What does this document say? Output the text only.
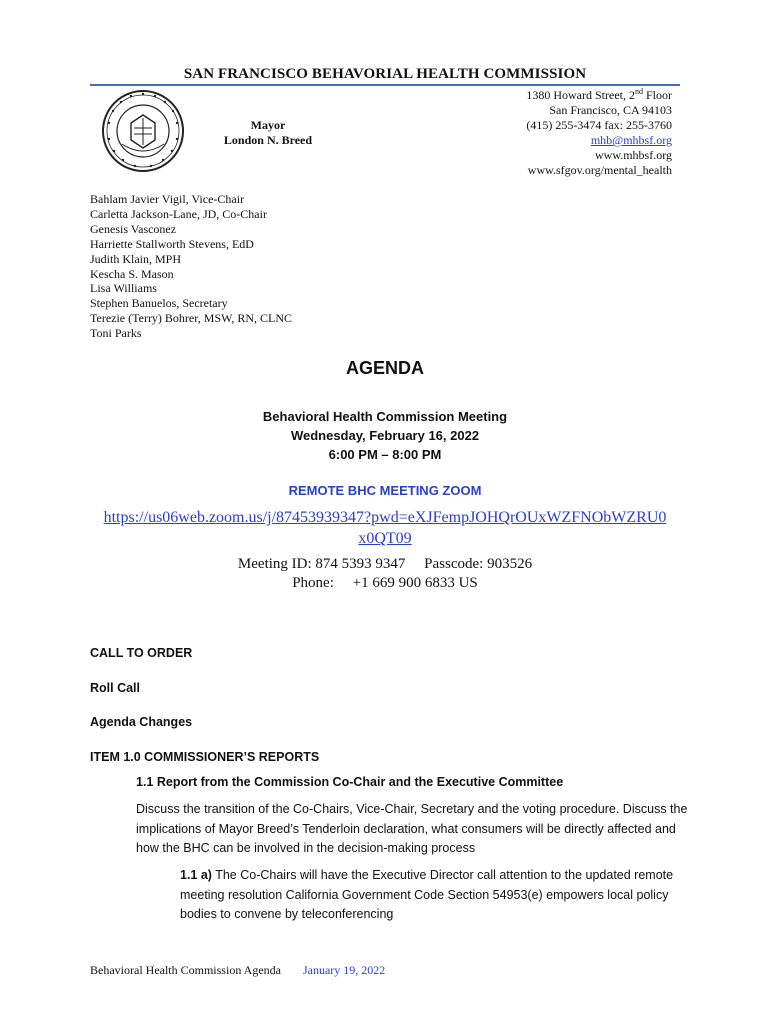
SAN FRANCISCO BEHAVORIAL HEALTH COMMISSION
Mayor
London N. Breed
1380 Howard Street, 2nd Floor
San Francisco, CA 94103
(415) 255-3474 fax: 255-3760
mhb@mhbsf.org
www.mhbsf.org
www.sfgov.org/mental_health
Bahlam Javier Vigil, Vice-Chair
Carletta Jackson-Lane, JD, Co-Chair
Genesis Vasconez
Harriette Stallworth Stevens, EdD
Judith Klain, MPH
Kescha S. Mason
Lisa Williams
Stephen Banuelos, Secretary
Terezie (Terry) Bohrer, MSW, RN, CLNC
Toni Parks
AGENDA
Behavioral Health Commission Meeting
Wednesday, February 16, 2022
6:00 PM – 8:00 PM
REMOTE BHC MEETING ZOOM
https://us06web.zoom.us/j/87453939347?pwd=eXJFempJOHQrOUxWZFNObWZRU0
x0QT09
Meeting ID: 874 5393 9347     Passcode: 903526
Phone:     +1 669 900 6833 US
CALL TO ORDER
Roll Call
Agenda Changes
ITEM 1.0 COMMISSIONER’S REPORTS
1.1 Report from the Commission Co-Chair and the Executive Committee
Discuss the transition of the Co-Chairs, Vice-Chair, Secretary and the voting procedure. Discuss the implications of Mayor Breed’s Tenderloin declaration, what consumers will be directly affected and how the BHC can be involved in the decision-making process
1.1 a) The Co-Chairs will have the Executive Director call attention to the updated remote meeting resolution California Government Code Section 54953(e) empowers local policy bodies to convene by teleconferencing
Behavioral Health Commission Agenda January 19, 2022
